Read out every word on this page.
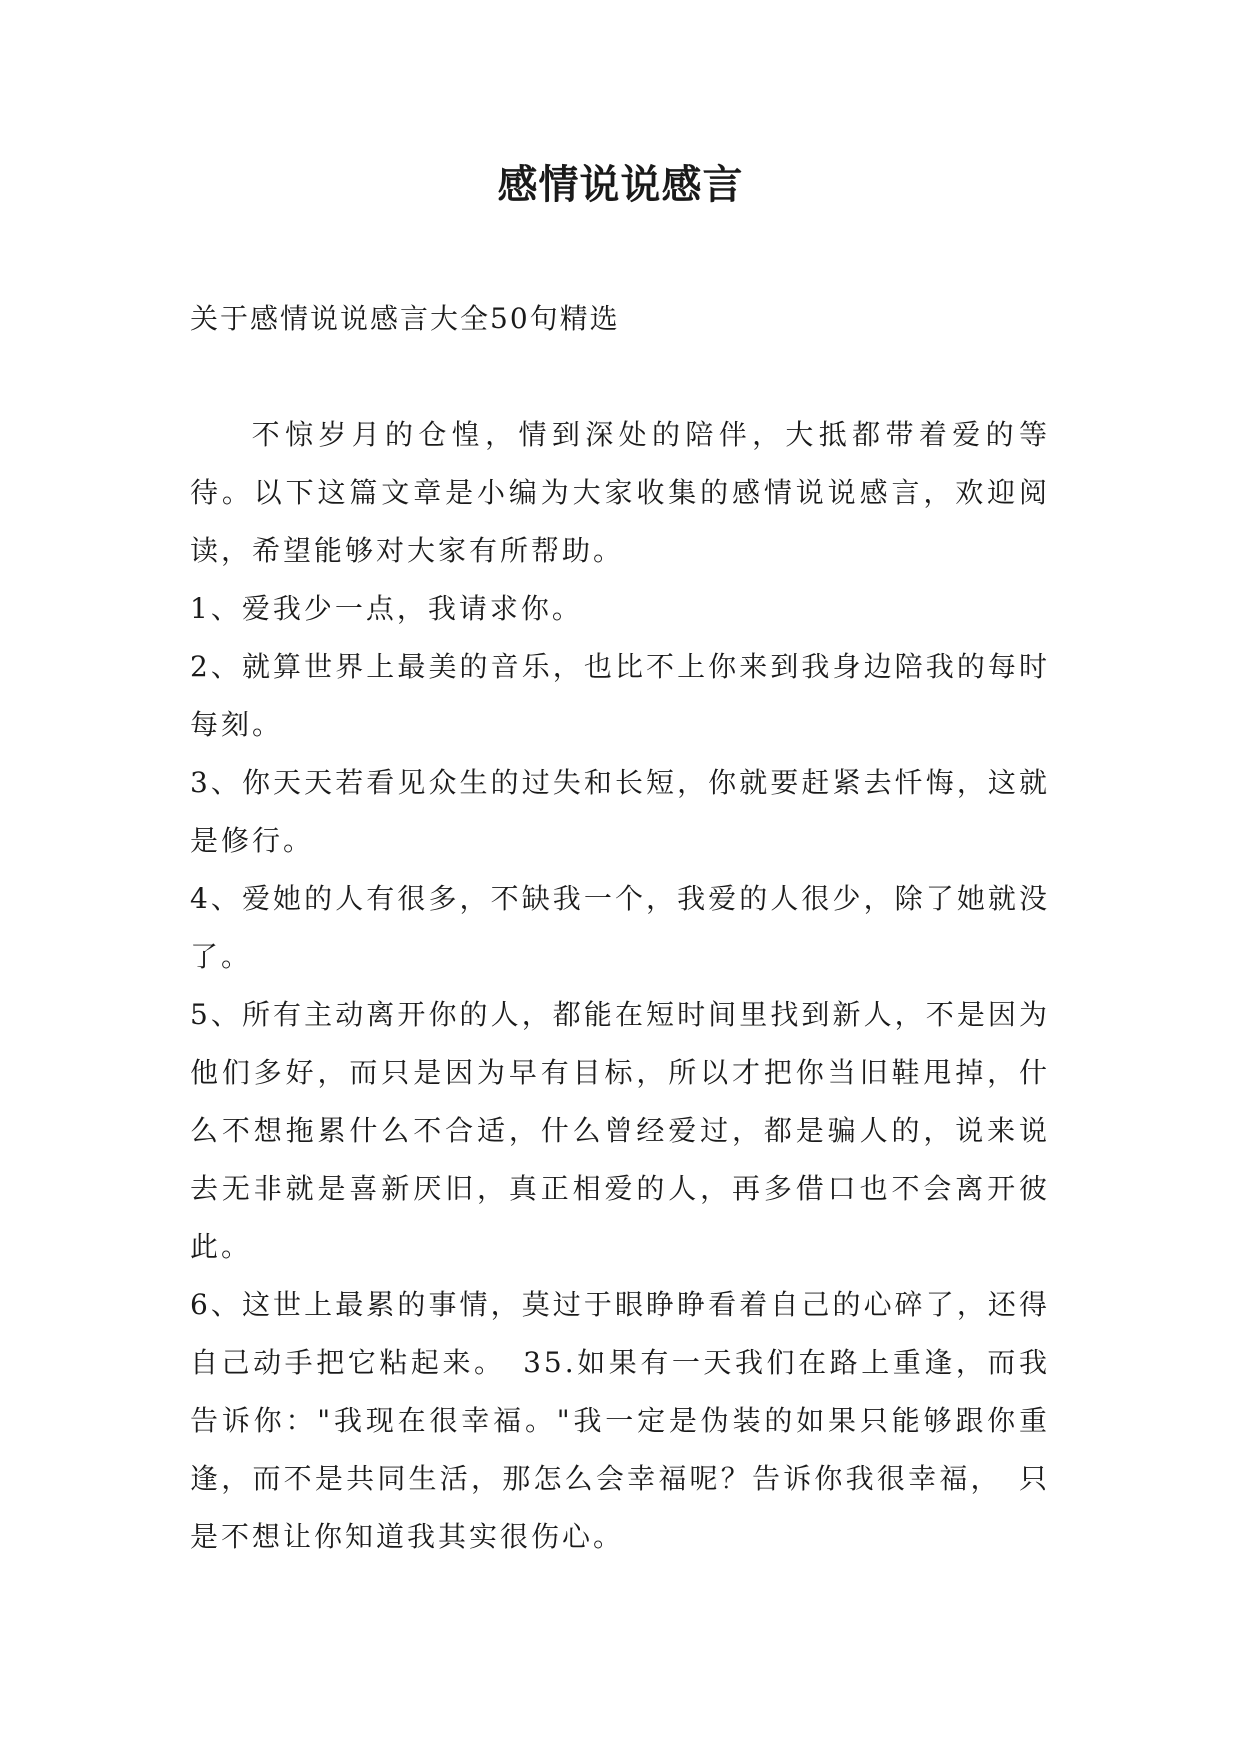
感情说说感言
关于感情说说感言大全50句精选

不惊岁月的仓惶，情到深处的陪伴，大抵都带着爱的等待。以下这篇文章是小编为大家收集的感情说说感言，欢迎阅读，希望能够对大家有所帮助。

1、爱我少一点，我请求你。

2、就算世界上最美的音乐，也比不上你来到我身边陪我的每时每刻。

3、你天天若看见众生的过失和长短，你就要赶紧去忏悔，这就是修行。

4、爱她的人有很多，不缺我一个，我爱的人很少，除了她就没了。

5、所有主动离开你的人，都能在短时间里找到新人，不是因为他们多好，而只是因为早有目标，所以才把你当旧鞋甩掉，什么不想拖累什么不合适，什么曾经爱过，都是骗人的，说来说去无非就是喜新厌旧，真正相爱的人，再多借口也不会离开彼此。

6、这世上最累的事情，莫过于眼睁睁看着自己的心碎了，还得自己动手把它粘起来。　35.如果有一天我们在路上重逢，而我告诉你："我现在很幸福。"我一定是伪装的如果只能够跟你重逢，而不是共同生活，那怎么会幸福呢？告诉你我很幸福，　只是不想让你知道我其实很伤心。
